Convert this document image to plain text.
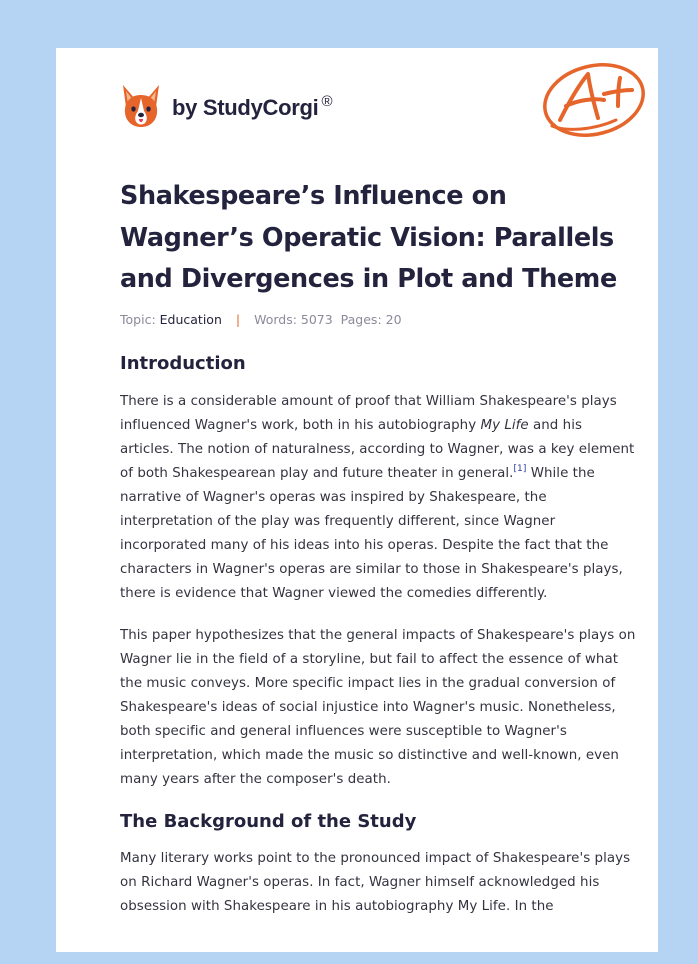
by StudyCorgi ®
A+
Shakespeare’s Influence on Wagner’s Operatic Vision: Parallels and Divergences in Plot and Theme
Topic: Education | Words: 5073 Pages: 20
Introduction

There is a considerable amount of proof that William Shakespeare's plays influenced Wagner's work, both in his autobiography My Life and his articles. The notion of naturalness, according to Wagner, was a key element of both Shakespearean play and future theater in general.[1] While the narrative of Wagner's operas was inspired by Shakespeare, the interpretation of the play was frequently different, since Wagner incorporated many of his ideas into his operas. Despite the fact that the characters in Wagner's operas are similar to those in Shakespeare's plays, there is evidence that Wagner viewed the comedies differently.

This paper hypothesizes that the general impacts of Shakespeare's plays on Wagner lie in the field of a storyline, but fail to affect the essence of what the music conveys. More specific impact lies in the gradual conversion of Shakespeare's ideas of social injustice into Wagner's music. Nonetheless, both specific and general influences were susceptible to Wagner's interpretation, which made the music so distinctive and well-known, even many years after the composer's death.

The Background of the Study

Many literary works point to the pronounced impact of Shakespeare's plays on Richard Wagner's operas. In fact, Wagner himself acknowledged his obsession with Shakespeare in his autobiography My Life. In the
